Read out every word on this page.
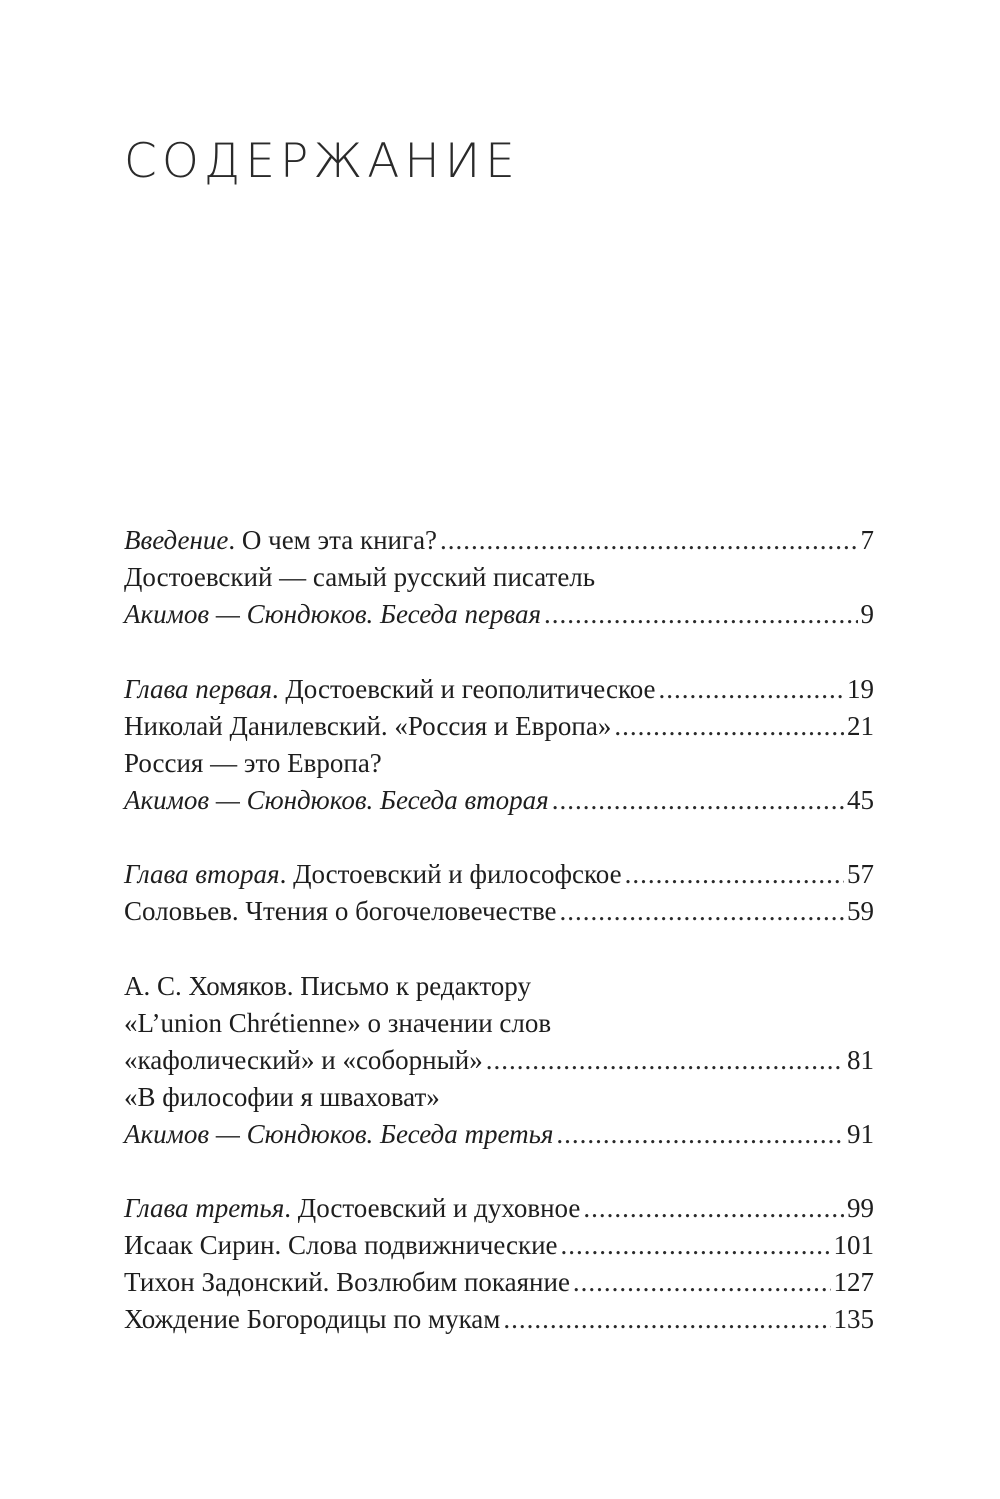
СОДЕРЖАНИЕ
Введение. О чем эта книга? .....	7
Достоевский — самый русский писатель
Акимов — Сюндюков. Беседа первая .....	9
Глава первая. Достоевский и геополитическое .....	19
Николай Данилевский. «Россия и Европа» .....	21
Россия — это Европа?
Акимов — Сюндюков. Беседа вторая .....	45
Глава вторая. Достоевский и философское .....	57
Соловьев. Чтения о богочеловечестве .....	59
А. С. Хомяков. Письмо к редактору
«L’union Chrétienne» о значении слов
«кафолический» и «соборный» .....	81
«В философии я шваховат»
Акимов — Сюндюков. Беседа третья .....	91
Глава третья. Достоевский и духовное .....	99
Исаак Сирин. Слова подвижнические .....	101
Тихон Задонский. Возлюбим покаяние .....	127
Хождение Богородицы по мукам .....	135
